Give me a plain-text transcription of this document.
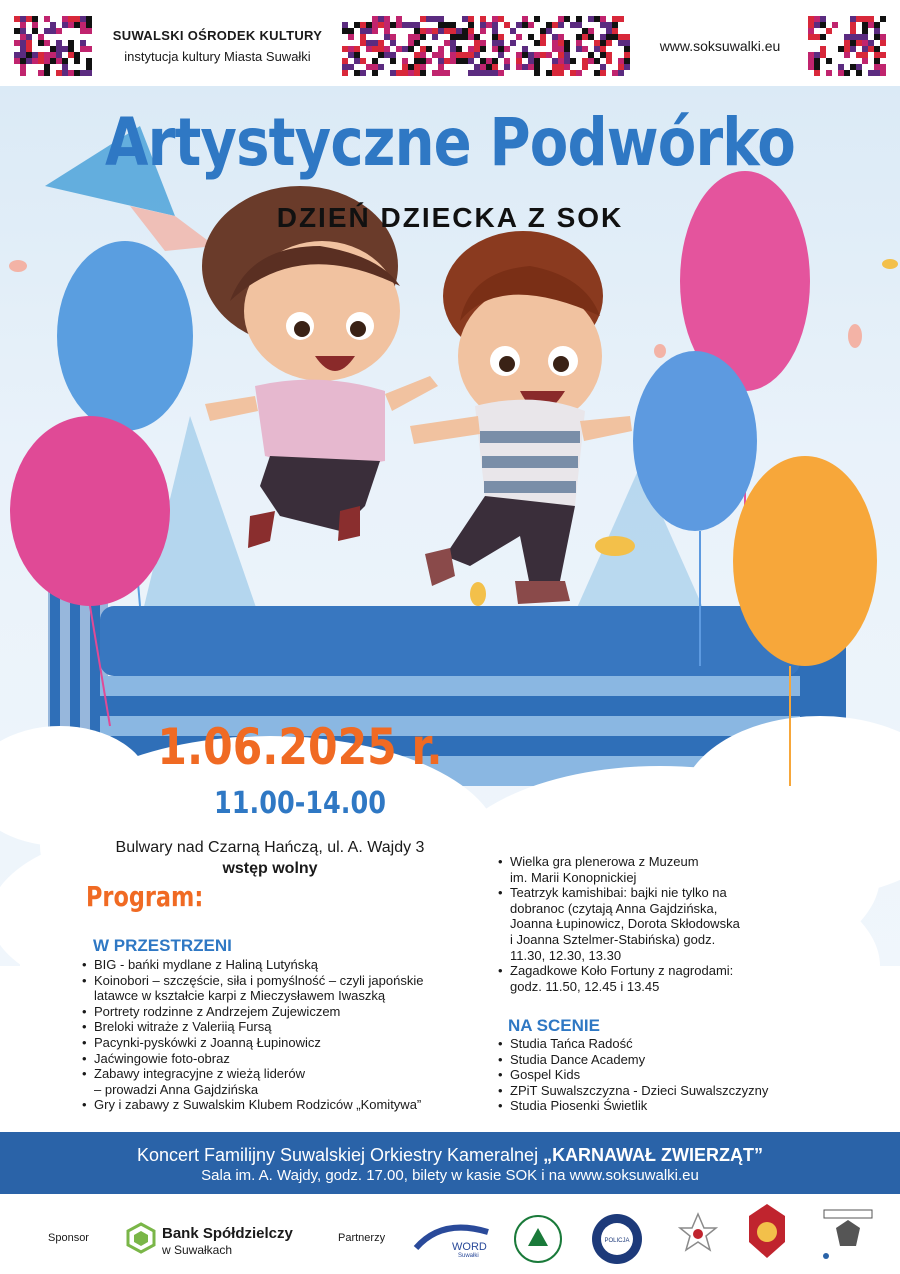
SUWALSKI OŚRODEK KULTURY
instytucja kultury Miasta Suwałki
www.soksuwalki.eu
Artystyczne Podwórko
DZIEŃ DZIECKA Z SOK
1.06.2025 r.
11.00-14.00
Bulwary nad Czarną Hańczą, ul. A. Wajdy 3
wstęp wolny
Program:
W PRZESTRZENI
• BIG - bańki mydlane z Haliną Lutyńską
• Koinobori – szczęście, siła i pomyślność – czyli japońskie
latawce w kształcie karpi z Mieczysławem Iwaszką
• Portrety rodzinne z Andrzejem Zujewiczem
• Breloki witraże z Valeriią Fursą
• Pacynki-pyskówki z Joanną Łupinowicz
• Jaćwingowie foto-obraz
• Zabawy integracyjne z wieżą liderów
– prowadzi Anna Gajdzińska
• Gry i zabawy z Suwalskim Klubem Rodziców „Komitywa”
• Wielka gra plenerowa z Muzeum
im. Marii Konopnickiej
• Teatrzyk kamishibai: bajki nie tylko na
dobranoc (czytają Anna Gajdzińska,
Joanna Łupinowicz, Dorota Skłodowska
i Joanna Sztelmer-Stabińska) godz.
11.30, 12.30, 13.30
• Zagadkowe Koło Fortuny z nagrodami:
godz. 11.50, 12.45 i 13.45
NA SCENIE
• Studia Tańca Radość
• Studia Dance Academy
• Gospel Kids
• ZPiT Suwalszczyzna - Dzieci Suwalszczyzny
• Studia Piosenki Świetlik
Koncert Familijny Suwalskiej Orkiestry Kameralnej „KARNAWAŁ ZWIERZĄT”
Sala im. A. Wajdy, godz. 17.00, bilety w kasie SOK i na www.soksuwalki.eu
Sponsor	Bank Spółdzielczy
w Suwałkach
Partnerzy
WORD
Suwałki
POLICJA
